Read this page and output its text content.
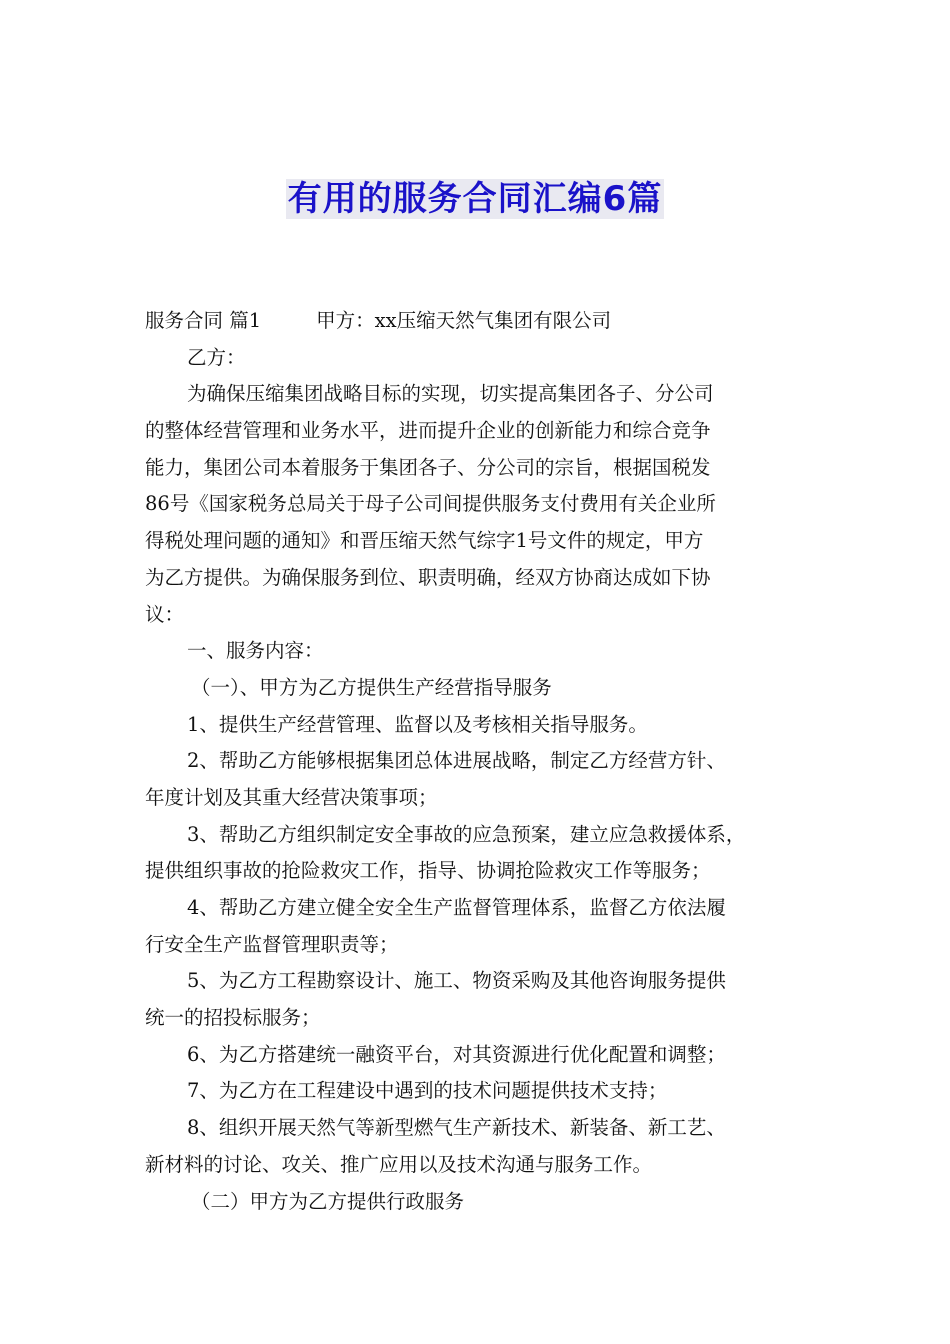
有用的服务合同汇编6篇
服务合同 篇1	甲方：xx压缩天然气集团有限公司
乙方：
为确保压缩集团战略目标的实现，切实提高集团各子、分公司
的整体经营管理和业务水平，进而提升企业的创新能力和综合竞争
能力，集团公司本着服务于集团各子、分公司的宗旨，根据国税发
86号《国家税务总局关于母子公司间提供服务支付费用有关企业所
得税处理问题的通知》和晋压缩天然气综字1号文件的规定，甲方
为乙方提供。为确保服务到位、职责明确，经双方协商达成如下协
议：
一、服务内容：
（一）、甲方为乙方提供生产经营指导服务
1、提供生产经营管理、监督以及考核相关指导服务。
2、帮助乙方能够根据集团总体进展战略，制定乙方经营方针、
年度计划及其重大经营决策事项；
3、帮助乙方组织制定安全事故的应急预案，建立应急救援体系，
提供组织事故的抢险救灾工作，指导、协调抢险救灾工作等服务；
4、帮助乙方建立健全安全生产监督管理体系，监督乙方依法履
行安全生产监督管理职责等；
5、为乙方工程勘察设计、施工、物资采购及其他咨询服务提供
统一的招投标服务；
6、为乙方搭建统一融资平台，对其资源进行优化配置和调整；
7、为乙方在工程建设中遇到的技术问题提供技术支持；
8、组织开展天然气等新型燃气生产新技术、新装备、新工艺、
新材料的讨论、攻关、推广应用以及技术沟通与服务工作。
（二）甲方为乙方提供行政服务
